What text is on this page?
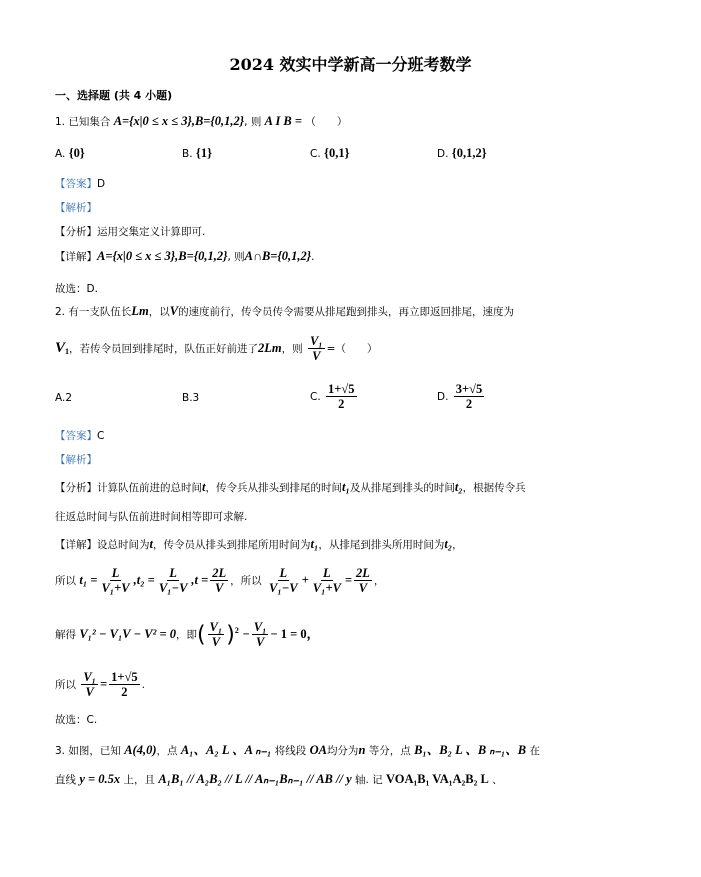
2024 效实中学新高一分班考数学
一、选择题 (共 4 小题)
1. 已知集合 A={x|0 ≤ x ≤ 3},B={0,1,2}, 则 A I B = （　　）
A. {0}	B. {1}	C. {0,1}	D. {0,1,2}
【答案】D
【解析】
【分析】运用交集定义计算即可.
【详解】A={x|0 ≤ x ≤ 3},B={0,1,2}, 则A∩B={0,1,2}.
故选：D.
2. 有一支队伍长Lm，以V的速度前行，传令员传令需要从排尾跑到排头，再立即返回排尾，速度为
$V_1$，若传令员回到排尾时，队伍正好前进了2Lm，则 $\frac{\text{V₁}}{V}$ =（　　）
A.2	B.3	C. $\frac{1+√5}{2}$	D. $\frac{3+√5}{2}$
【答案】C
【解析】
【分析】计算队伍前进的总时间t，传令兵从排头到排尾的时间t₁及从排尾到排头的时间t₂，根据传令兵
往返总时间与队伍前进时间相等即可求解.
【详解】设总时间为t，传令员从排头到排尾所用时间为t₁，从排尾到排头所用时间为t₂，
所以 $t_1 = \frac{L}{\text{V₁+V}} ,t_2 = \frac{L}{\text{V₁−V}} ,t = \frac{2L}{V}$ ，所以 $\frac{L}{\text{V₁−V}} + \frac{L}{\text{V₁+V}} = \frac{2L}{V}$ ，
解得 V₁² − V₁V − V² = 0，即( $\frac{\text{V₁}}{V} )^2 - \frac{\text{V₁}}{V} - 1 = 0$，
所以 $\frac{\text{V₁}}{V} = \frac{1+√5}{2}$ .
故选：C.
3. 如图，已知 A(4,0)，点 A₁、A₂ L 、A ₙ₋₁ 将线段 OA均分为n 等分，点 B₁、B₂ L 、B ₙ₋₁、B 在
直线 y = 0.5x 上，且 A₁B₁ // A₂B₂ // L // Aₙ₋₁Bₙ₋₁ // AB // y 轴. 记 VOA₁B₁ VA₁A₂B₂ L 、
